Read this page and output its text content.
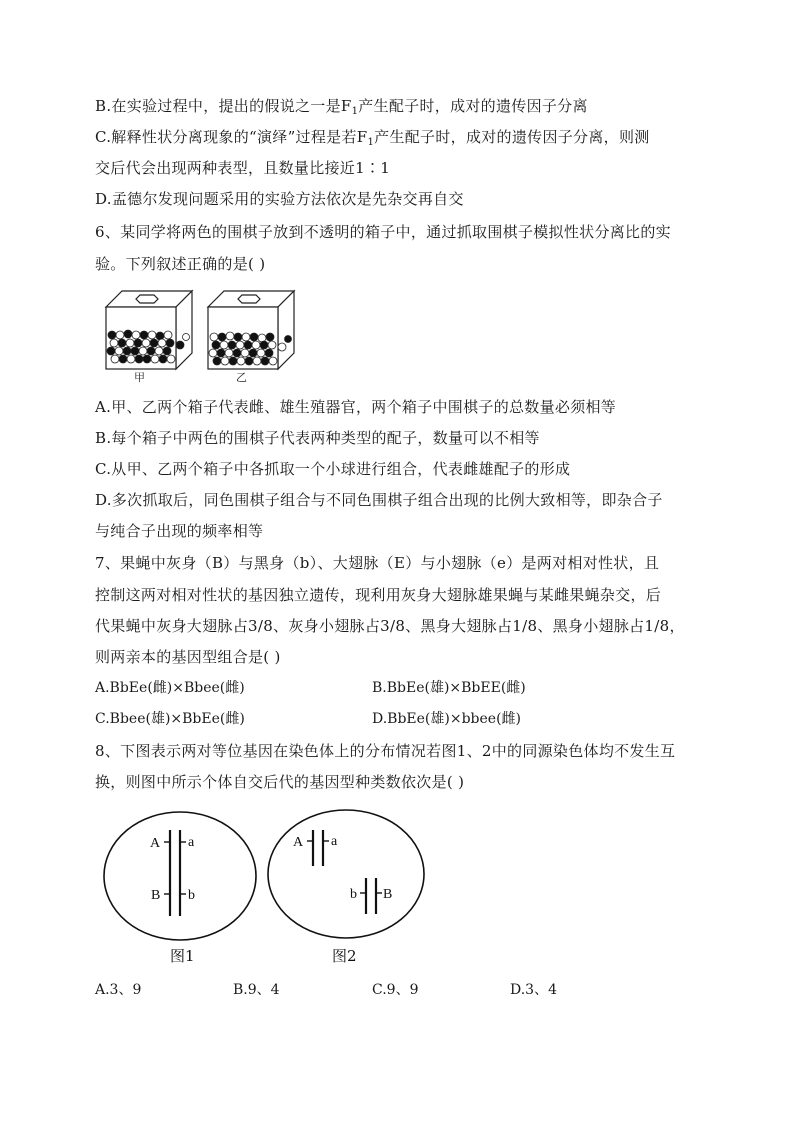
B.在实验过程中，提出的假说之一是$F_1$产生配子时，成对的遗传因子分离
C.解释性状分离现象的“演绎”过程是若$F_1$产生配子时，成对的遗传因子分离，则测
交后代会出现两种表型，且数量比接近1∶1
D.孟德尔发现问题采用的实验方法依次是先杂交再自交
6、某同学将两色的围棋子放到不透明的箱子中，通过抓取围棋子模拟性状分离比的实
验。下列叙述正确的是( )
甲	乙
A.甲、乙两个箱子代表雌、雄生殖器官，两个箱子中围棋子的总数量必须相等
B.每个箱子中两色的围棋子代表两种类型的配子，数量可以不相等
C.从甲、乙两个箱子中各抓取一个小球进行组合，代表雌雄配子的形成
D.多次抓取后，同色围棋子组合与不同色围棋子组合出现的比例大致相等，即杂合子
与纯合子出现的频率相等
7、果蝇中灰身（B）与黑身（b）、大翅脉（E）与小翅脉（e）是两对相对性状，且
控制这两对相对性状的基因独立遗传，现利用灰身大翅脉雄果蝇与某雌果蝇杂交，后
代果蝇中灰身大翅脉占3/8、灰身小翅脉占3/8、黑身大翅脉占1/8、黑身小翅脉占1/8，
则两亲本的基因型组合是( )
A.BbEe(雌)×Bbee(雌)	B.BbEe(雄)×BbEE(雌)
C.Bbee(雄)×BbEe(雌)	D.BbEe(雄)×bbee(雌)
8、下图表示两对等位基因在染色体上的分布情况若图1、2中的同源染色体均不发生互
换，则图中所示个体自交后代的基因型种类数依次是( )
A a
B b
图1
A a
b B
图2
A.3、9	B.9、4	C.9、9	D.3、4
